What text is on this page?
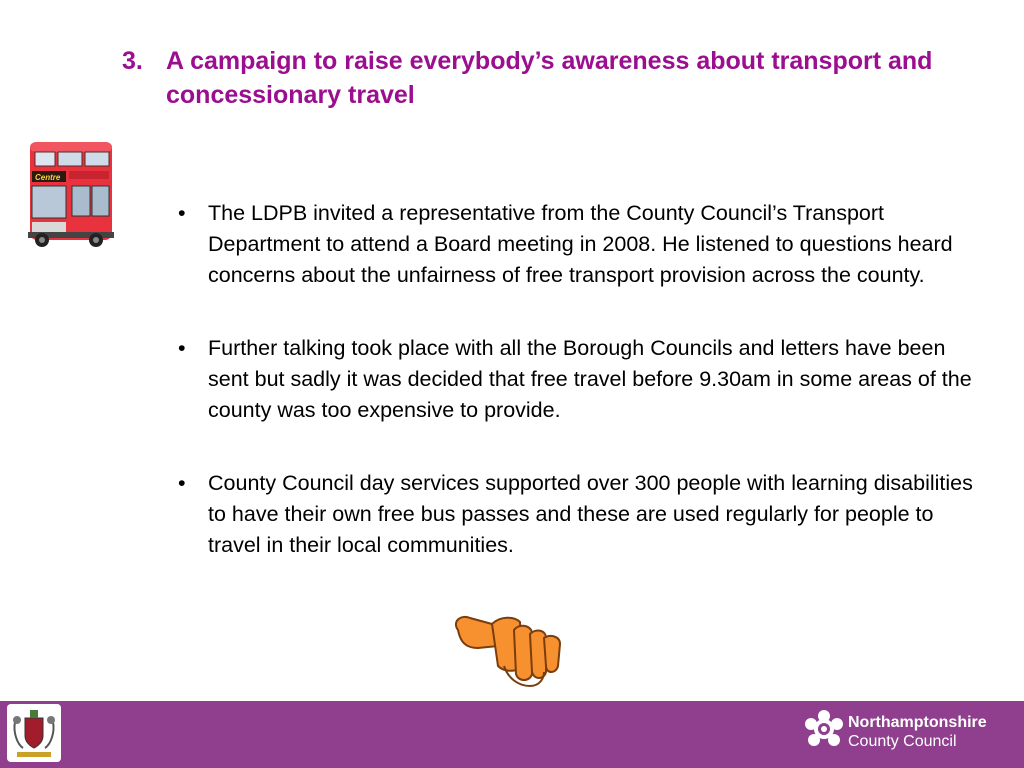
3. A campaign to raise everybody’s awareness about transport and concessionary travel
Centre
• The LDPB invited a representative from the County Council’s Transport Department to attend a Board meeting in 2008. He listened to questions heard concerns about the unfairness of free transport provision across the county.
• Further talking took place with all the Borough Councils and letters have been sent but sadly it was decided that free travel before 9.30am in some areas of the county was too expensive to provide.
• County Council day services supported over 300 people with learning disabilities to have their own free bus passes and these are used regularly for people to travel in their local communities.
Northamptonshire
County Council
